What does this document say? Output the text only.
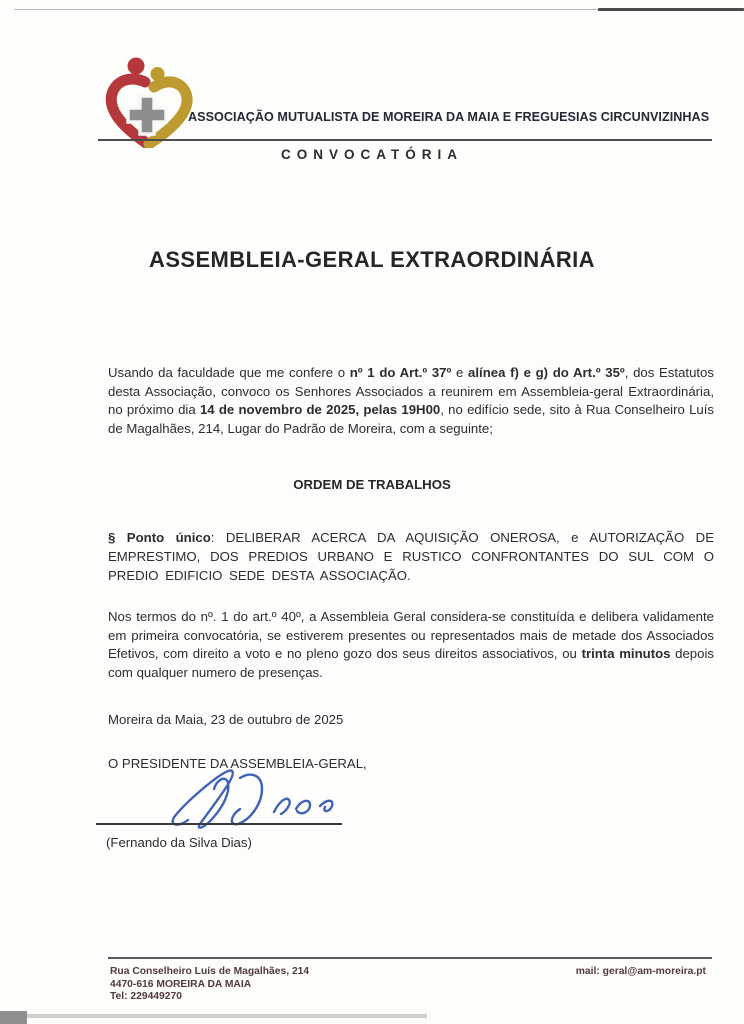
ASSOCIAÇÃO MUTUALISTA DE MOREIRA DA MAIA E FREGUESIAS CIRCUNVIZINHAS
CONVOCATÓRIA
ASSEMBLEIA-GERAL EXTRAORDINÁRIA
Usando da faculdade que me confere o nº 1 do Art.º 37º e alínea f) e g) do Art.º 35º, dos Estatutos desta Associação, convoco os Senhores Associados a reunirem em Assembleia-geral Extraordinária, no próximo dia 14 de novembro de 2025, pelas 19H00, no edifício sede, sito à Rua Conselheiro Luís de Magalhães, 214, Lugar do Padrão de Moreira, com a seguinte;
ORDEM DE TRABALHOS
§ Ponto único: DELIBERAR ACERCA DA AQUISIÇÃO ONEROSA, e AUTORIZAÇÃO DE EMPRESTIMO, DOS PREDIOS URBANO E RUSTICO CONFRONTANTES DO SUL COM O PREDIO EDIFICIO SEDE DESTA ASSOCIAÇÃO.
Nos termos do nº. 1 do art.º 40º, a Assembleia Geral considera-se constituída e delibera validamente em primeira convocatória, se estiverem presentes ou representados mais de metade dos Associados Efetivos, com direito a voto e no pleno gozo dos seus direitos associativos, ou trinta minutos depois com qualquer numero de presenças.
Moreira da Maia, 23 de outubro de 2025
O PRESIDENTE DA ASSEMBLEIA-GERAL,
(Fernando da Silva Dias)
Rua Conselheiro Luís de Magalhães, 214
4470-616 MOREIRA DA MAIA
Tel: 229449270
mail: geral@am-moreira.pt
